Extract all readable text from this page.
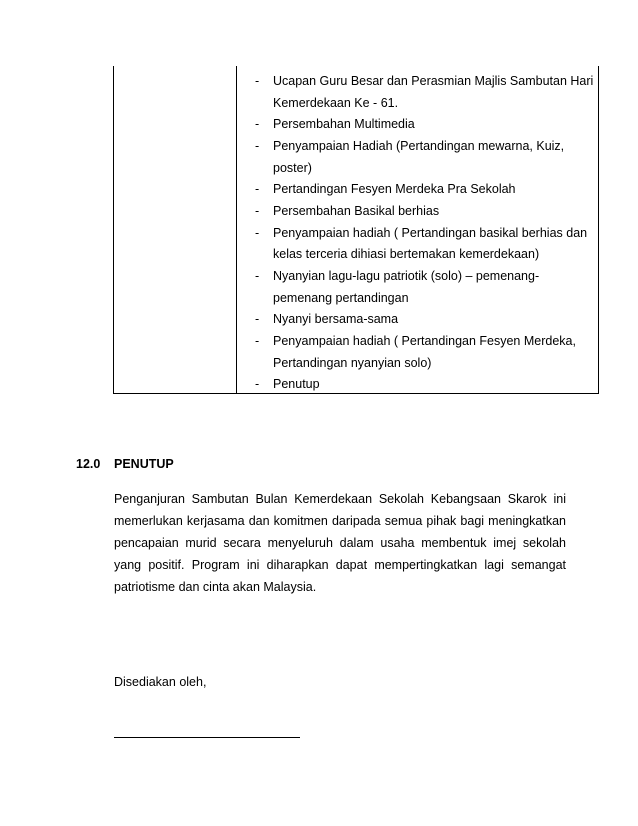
- Ucapan Guru Besar dan Perasmian Majlis Sambutan Hari
Kemerdekaan Ke - 61.
- Persembahan Multimedia
- Penyampaian Hadiah (Pertandingan mewarna, Kuiz,
poster)
- Pertandingan Fesyen Merdeka Pra Sekolah
- Persembahan Basikal berhias
- Penyampaian hadiah ( Pertandingan basikal berhias dan
kelas terceria dihiasi bertemakan kemerdekaan)
- Nyanyian lagu-lagu patriotik (solo) – pemenang-
pemenang pertandingan
- Nyanyi bersama-sama
- Penyampaian hadiah ( Pertandingan Fesyen Merdeka,
Pertandingan nyanyian solo)
- Penutup
12.0 PENUTUP
Penganjuran Sambutan Bulan Kemerdekaan Sekolah Kebangsaan Skarok ini
memerlukan kerjasama dan komitmen daripada semua pihak bagi meningkatkan
pencapaian murid secara menyeluruh dalam usaha membentuk imej sekolah
yang positif. Program ini diharapkan dapat mempertingkatkan lagi semangat
patriotisme dan cinta akan Malaysia.
Disediakan oleh,
